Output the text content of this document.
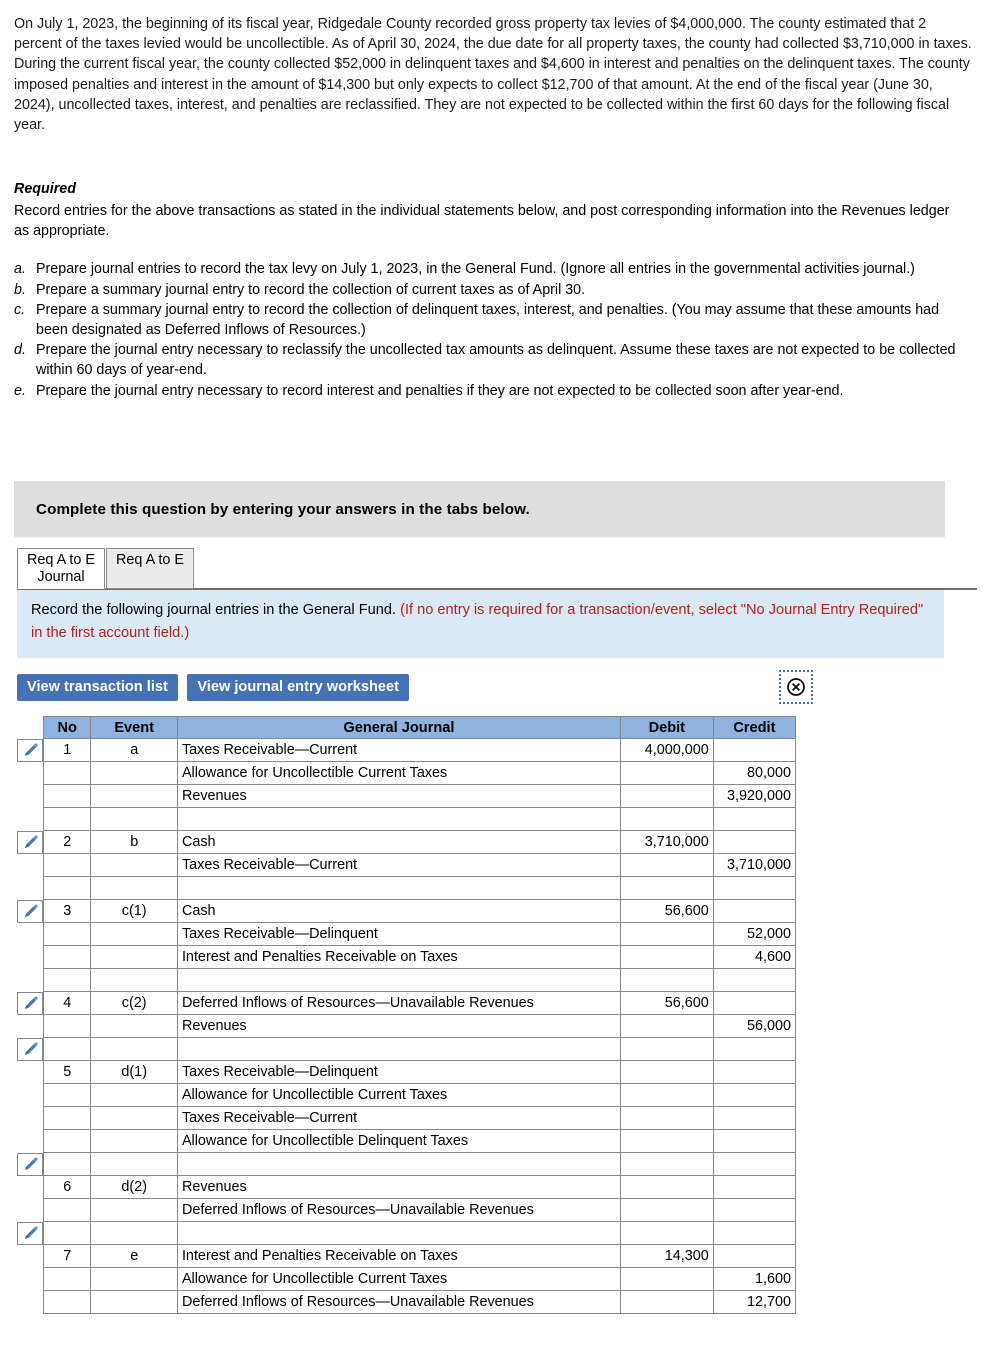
On July 1, 2023, the beginning of its fiscal year, Ridgedale County recorded gross property tax levies of $4,000,000. The county estimated that 2 percent of the taxes levied would be uncollectible. As of April 30, 2024, the due date for all property taxes, the county had collected $3,710,000 in taxes. During the current fiscal year, the county collected $52,000 in delinquent taxes and $4,600 in interest and penalties on the delinquent taxes. The county imposed penalties and interest in the amount of $14,300 but only expects to collect $12,700 of that amount. At the end of the fiscal year (June 30, 2024), uncollected taxes, interest, and penalties are reclassified. They are not expected to be collected within the first 60 days for the following fiscal year.
Required
Record entries for the above transactions as stated in the individual statements below, and post corresponding information into the Revenues ledger as appropriate.
a. Prepare journal entries to record the tax levy on July 1, 2023, in the General Fund. (Ignore all entries in the governmental activities journal.)
b. Prepare a summary journal entry to record the collection of current taxes as of April 30.
c. Prepare a summary journal entry to record the collection of delinquent taxes, interest, and penalties. (You may assume that these amounts had been designated as Deferred Inflows of Resources.)
d. Prepare the journal entry necessary to reclassify the uncollected tax amounts as delinquent. Assume these taxes are not expected to be collected within 60 days of year-end.
e. Prepare the journal entry necessary to record interest and penalties if they are not expected to be collected soon after year-end.
Complete this question by entering your answers in the tabs below.
Req A to E Journal
Req A to E
Record the following journal entries in the General Fund. (If no entry is required for a transaction/event, select "No Journal Entry Required" in the first account field.)
View transaction list View journal entry worksheet
No	Event	General Journal	Debit	Credit
1	a	Taxes Receivable—Current	4,000,000	
		Allowance for Uncollectible Current Taxes		80,000
		Revenues		3,920,000

2	b	Cash	3,710,000	
		Taxes Receivable—Current		3,710,000

3	c(1)	Cash	56,600	
		Taxes Receivable—Delinquent		52,000
		Interest and Penalties Receivable on Taxes		4,600

4	c(2)	Deferred Inflows of Resources—Unavailable Revenues	56,600	
		Revenues		56,000

5	d(1)	Taxes Receivable—Delinquent		
		Allowance for Uncollectible Current Taxes		
		Taxes Receivable—Current		
		Allowance for Uncollectible Delinquent Taxes		

6	d(2)	Revenues		
		Deferred Inflows of Resources—Unavailable Revenues		

7	e	Interest and Penalties Receivable on Taxes	14,300	
		Allowance for Uncollectible Current Taxes		1,600
		Deferred Inflows of Resources—Unavailable Revenues		12,700
